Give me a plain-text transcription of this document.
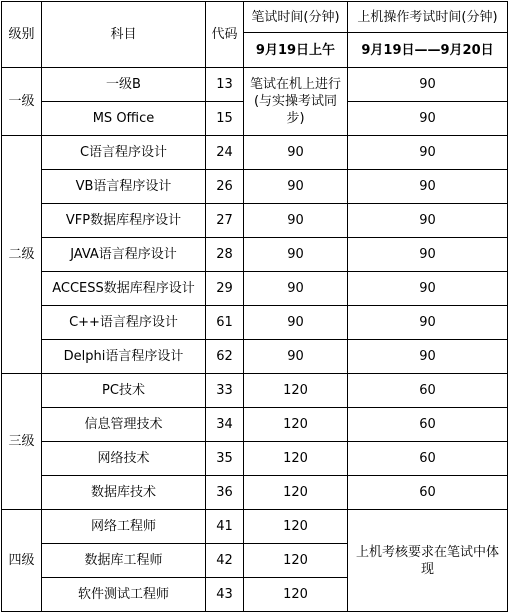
级别	科目	代码	笔试时间(分钟)	上机操作考试时间(分钟)
			9月19日上午	9月19日——9月20日
一级	一级B	13	笔试在机上进行(与实操考试同步)	90
	MS Office	15		90
二级	C语言程序设计	24	90	90
	VB语言程序设计	26	90	90
	VFP数据库程序设计	27	90	90
	JAVA语言程序设计	28	90	90
	ACCESS数据库程序设计	29	90	90
	C++语言程序设计	61	90	90
	Delphi语言程序设计	62	90	90
三级	PC技术	33	120	60
	信息管理技术	34	120	60
	网络技术	35	120	60
	数据库技术	36	120	60
四级	网络工程师	41	120	上机考核要求在笔试中体现
	数据库工程师	42	120	
	软件测试工程师	43	120	
